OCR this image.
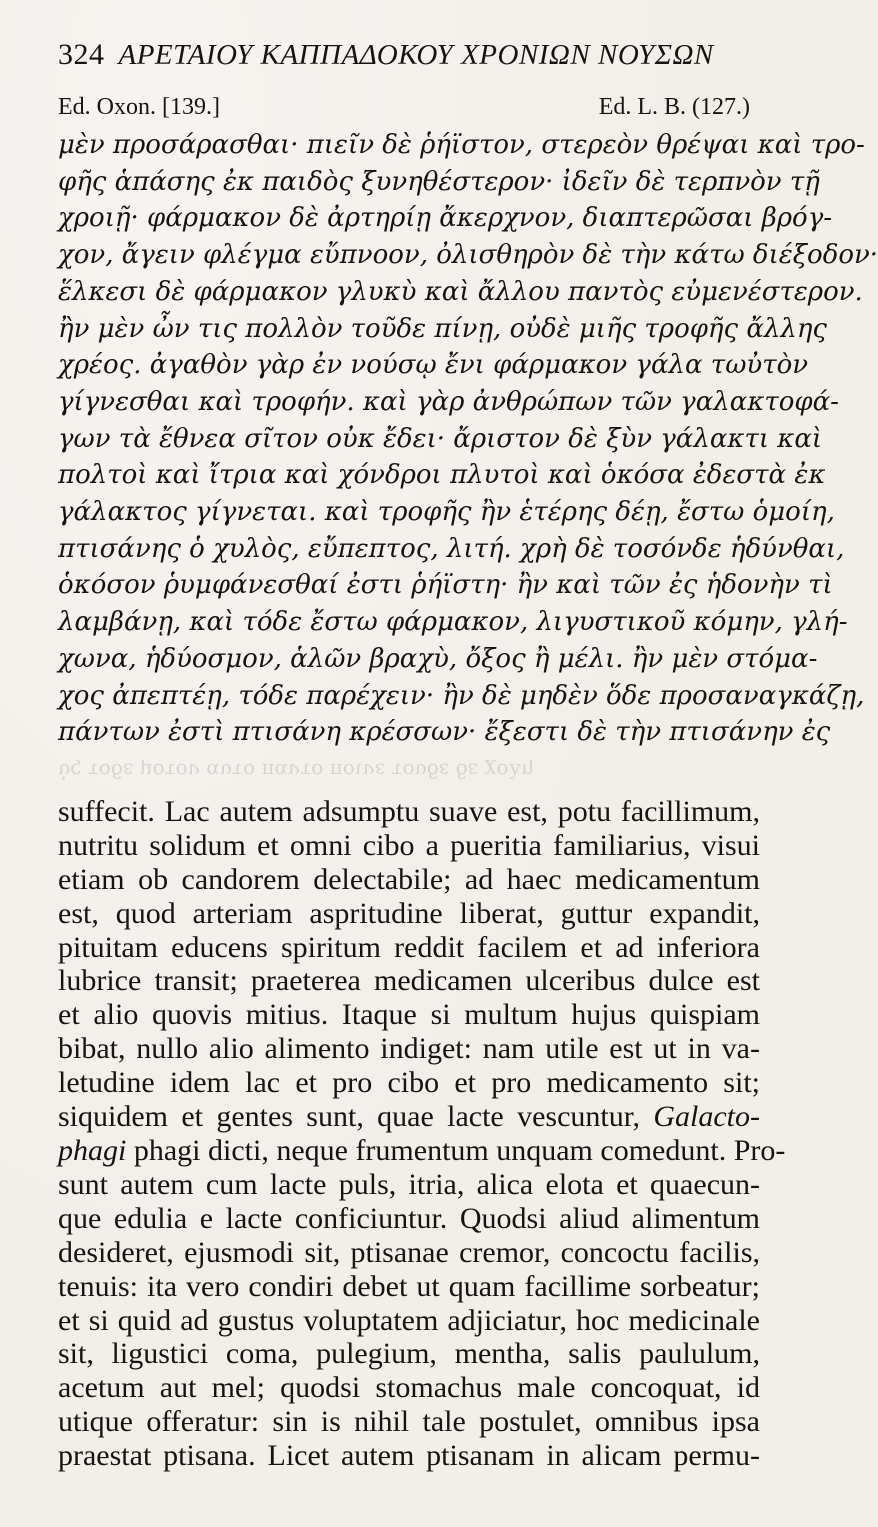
324 ΑΡΕΤΑΙΟΥ ΚΑΠΠΑΔΟΚΟΥ ΧΡΟΝΙΩΝ ΝΟΥΣΩΝ
Ed. Oxon. [139.]	Ed. L. B. (127.)
μὲν προσάρασθαι· πιεῖν δὲ ῥήϊστον, στερεὸν θρέψαι καὶ τρο-
φῆς ἁπάσης ἐκ παιδὸς ξυνηθέστερον· ἰδεῖν δὲ τερπνὸν τῇ
χροιῇ· φάρμακον δὲ ἀρτηρίῃ ἄκερχνον, διαπτερῶσαι βρόγ-
χον, ἄγειν φλέγμα εὔπνοον, ὀλισθηρὸν δὲ τὴν κάτω διέξοδον·
ἕλκεσι δὲ φάρμακον γλυκὺ καὶ ἄλλου παντὸς εὐμενέστερον.
ἢν μὲν ὦν τις πολλὸν τοῦδε πίνῃ, οὐδὲ μιῆς τροφῆς ἄλλης
χρέος. ἀγαθὸν γὰρ ἐν νούσῳ ἔνι φάρμακον γάλα τωὐτὸν
γίγνεσθαι καὶ τροφήν. καὶ γὰρ ἀνθρώπων τῶν γαλακτοφά-
γων τὰ ἔθνεα σῖτον οὐκ ἔδει· ἄριστον δὲ ξὺν γάλακτι καὶ
πολτοὶ καὶ ἴτρια καὶ χόνδροι πλυτοὶ καὶ ὁκόσα ἐδεστὰ ἐκ
γάλακτος γίγνεται. καὶ τροφῆς ἢν ἑτέρης δέῃ, ἔστω ὁμοίη,
πτισάνης ὁ χυλὸς, εὔπεπτος, λιτή. χρὴ δὲ τοσόνδε ἡδύνθαι,
ὁκόσον ῥυμφάνεσθαί ἐστι ῥήϊστη· ἢν καὶ τῶν ἐς ἡδονὴν τὶ
λαμβάνῃ, καὶ τόδε ἔστω φάρμακον, λιγυστικοῦ κόμην, γλή-
χωνα, ἡδύοσμον, ἁλῶν βραχὺ, ὄξος ἢ μέλι. ἢν μὲν στόμα-
χος ἀπεπτέῃ, τόδε παρέχειν· ἢν δὲ μηδὲν ὅδε προσαναγκάζῃ,
πάντων ἐστὶ πτισάνη κρέσσων· ἔξεστι δὲ τὴν πτισάνην ἐς
ὑς τοδε μοτον αυτο παντο ποινε τουδε δε χολη
suffecit. Lac autem adsumptu suave est, potu facillimum,
nutritu solidum et omni cibo a pueritia familiarius, visui
etiam ob candorem delectabile; ad haec medicamentum
est, quod arteriam aspritudine liberat, guttur expandit,
pituitam educens spiritum reddit facilem et ad inferiora
lubrice transit; praeterea medicamen ulceribus dulce est
et alio quovis mitius. Itaque si multum hujus quispiam
bibat, nullo alio alimento indiget: nam utile est ut in va-
letudine idem lac et pro cibo et pro medicamento sit;
siquidem et gentes sunt, quae lacte vescuntur, Galacto-
phagi phagi dicti, neque frumentum unquam comedunt. Pro-
sunt autem cum lacte puls, itria, alica elota et quaecun-
que edulia e lacte conficiuntur. Quodsi aliud alimentum
desideret, ejusmodi sit, ptisanae cremor, concoctu facilis,
tenuis: ita vero condiri debet ut quam facillime sorbeatur;
et si quid ad gustus voluptatem adjiciatur, hoc medicinale
sit, ligustici coma, pulegium, mentha, salis paululum,
acetum aut mel; quodsi stomachus male concoquat, id
utique offeratur: sin is nihil tale postulet, omnibus ipsa
praestat ptisana. Licet autem ptisanam in alicam permu-
